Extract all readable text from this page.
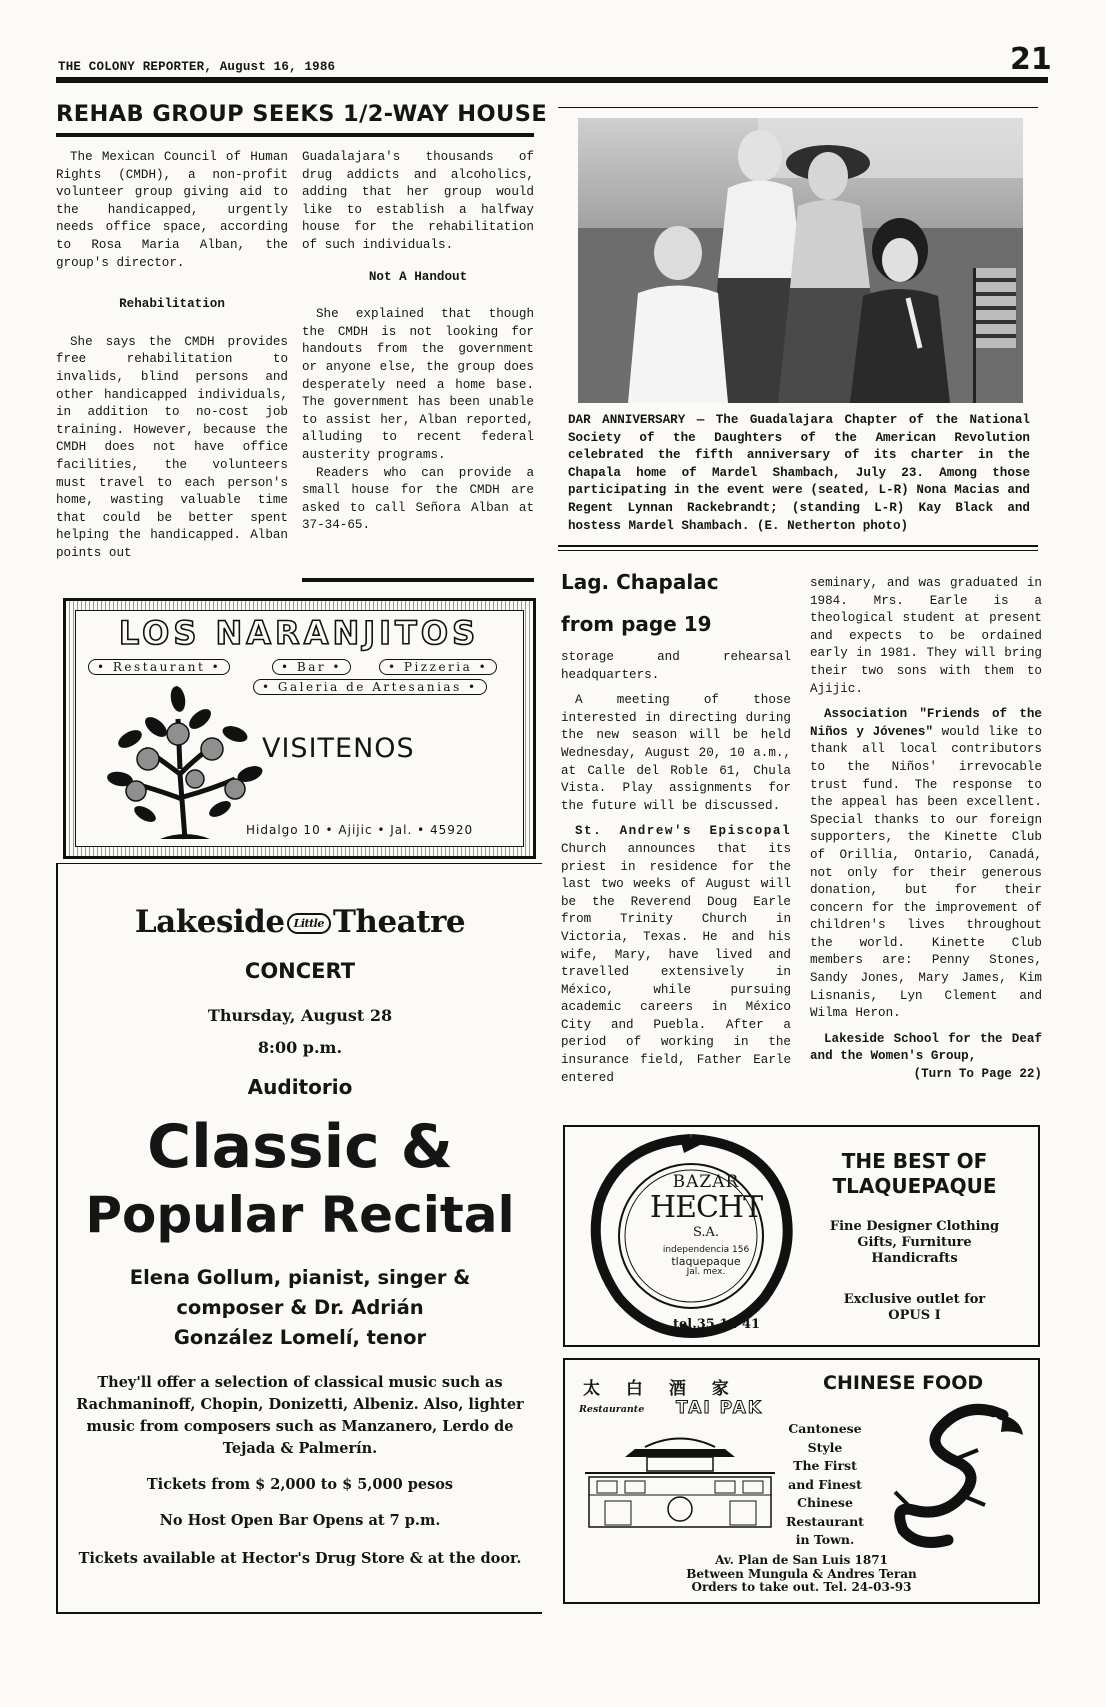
THE COLONY REPORTER, August 16, 1986	21
REHAB GROUP SEEKS 1/2-WAY HOUSE

The Mexican Council of Human Rights (CMDH), a non-profit volunteer group giving aid to the handicapped, urgently needs office space, according to Rosa Maria Alban, the group's director.

Rehabilitation

She says the CMDH provides free rehabilitation to invalids, blind persons and other handicapped individuals, in addition to no-cost job training. However, because the CMDH does not have office facilities, the volunteers must travel to each person's home, wasting valuable time that could be better spent helping the handicapped. Alban points out

Guadalajara's thousands of drug addicts and alcoholics, adding that her group would like to establish a halfway house for the rehabilitation of such individuals.

Not A Handout

She explained that though the CMDH is not looking for handouts from the government or anyone else, the group does desperately need a home base. The government has been unable to assist her, Alban reported, alluding to recent federal austerity programs.

Readers who can provide a small house for the CMDH are asked to call Señora Alban at 37-34-65.

DAR ANNIVERSARY — The Guadalajara Chapter of the National Society of the Daughters of the American Revolution celebrated the fifth anniversary of its charter in the Chapala home of Mardel Shambach, July 23. Among those participating in the event were (seated, L-R) Nona Macias and Regent Lynnan Rackebrandt; (standing L-R) Kay Black and hostess Mardel Shambach. (E. Netherton photo)
LOS NARANJITOS
• Restaurant •	• Bar •	• Pizzeria •
• Galeria de Artesanias •
VISITENOS
Hidalgo 10 • Ajijic • Jal. • 45920
Lakeside Little Theatre
CONCERT
Thursday, August 28
8:00 p.m.
Auditorio
Classic &
Popular Recital
Elena Gollum, pianist, singer &
composer & Dr. Adrián
González Lomelí, tenor
They'll offer a selection of classical music such as Rachmaninoff, Chopin, Donizetti, Albeniz. Also, lighter music from composers such as Manzanero, Lerdo de Tejada & Palmerín.
Tickets from $ 2,000 to $ 5,000 pesos
No Host Open Bar Opens at 7 p.m.
Tickets available at Hector's Drug Store & at the door.
Lag. Chapalac
from page 19

storage and rehearsal headquarters.

A meeting of those interested in directing during the new season will be held Wednesday, August 20, 10 a.m., at Calle del Roble 61, Chula Vista. Play assignments for the future will be discussed.

St. Andrew's Episcopal Church announces that its priest in residence for the last two weeks of August will be the Reverend Doug Earle from Trinity Church in Victoria, Texas. He and his wife, Mary, have lived and travelled extensively in México, while pursuing academic careers in México City and Puebla. After a period of working in the insurance field, Father Earle entered

seminary, and was graduated in 1984. Mrs. Earle is a theological student at present and expects to be ordained early in 1981. They will bring their two sons with them to Ajijic.

Association "Friends of the Niños y Jóvenes" would like to thank all local contributors to the Niños' irrevocable trust fund. The response to the appeal has been excellent. Special thanks to our foreign supporters, the Kinette Club of Orillia, Ontario, Canadá, not only for their generous donation, but for their concern for the improvement of children's lives throughout the world. Kinette Club members are: Penny Stones, Sandy Jones, Mary James, Kim Lisnanis, Lyn Clement and Wilma Heron.

Lakeside School for the Deaf and the Women's Group,

(Turn To Page 22)
BAZAR
HECHT
S.A.
independencia 156
tlaquepaque
Jal. mex.
tel.35 12 41
THE BEST OF
TLAQUEPAQUE
Fine Designer Clothing
Gifts, Furniture
Handicrafts
Exclusive outlet for
OPUS I
太 白 酒 家
Restaurante TAI PAK
CHINESE FOOD
Cantonese
Style
The First
and Finest
Chinese
Restaurant
in Town.
Av. Plan de San Luis 1871
Between Mungula & Andres Teran
Orders to take out. Tel. 24-03-93
